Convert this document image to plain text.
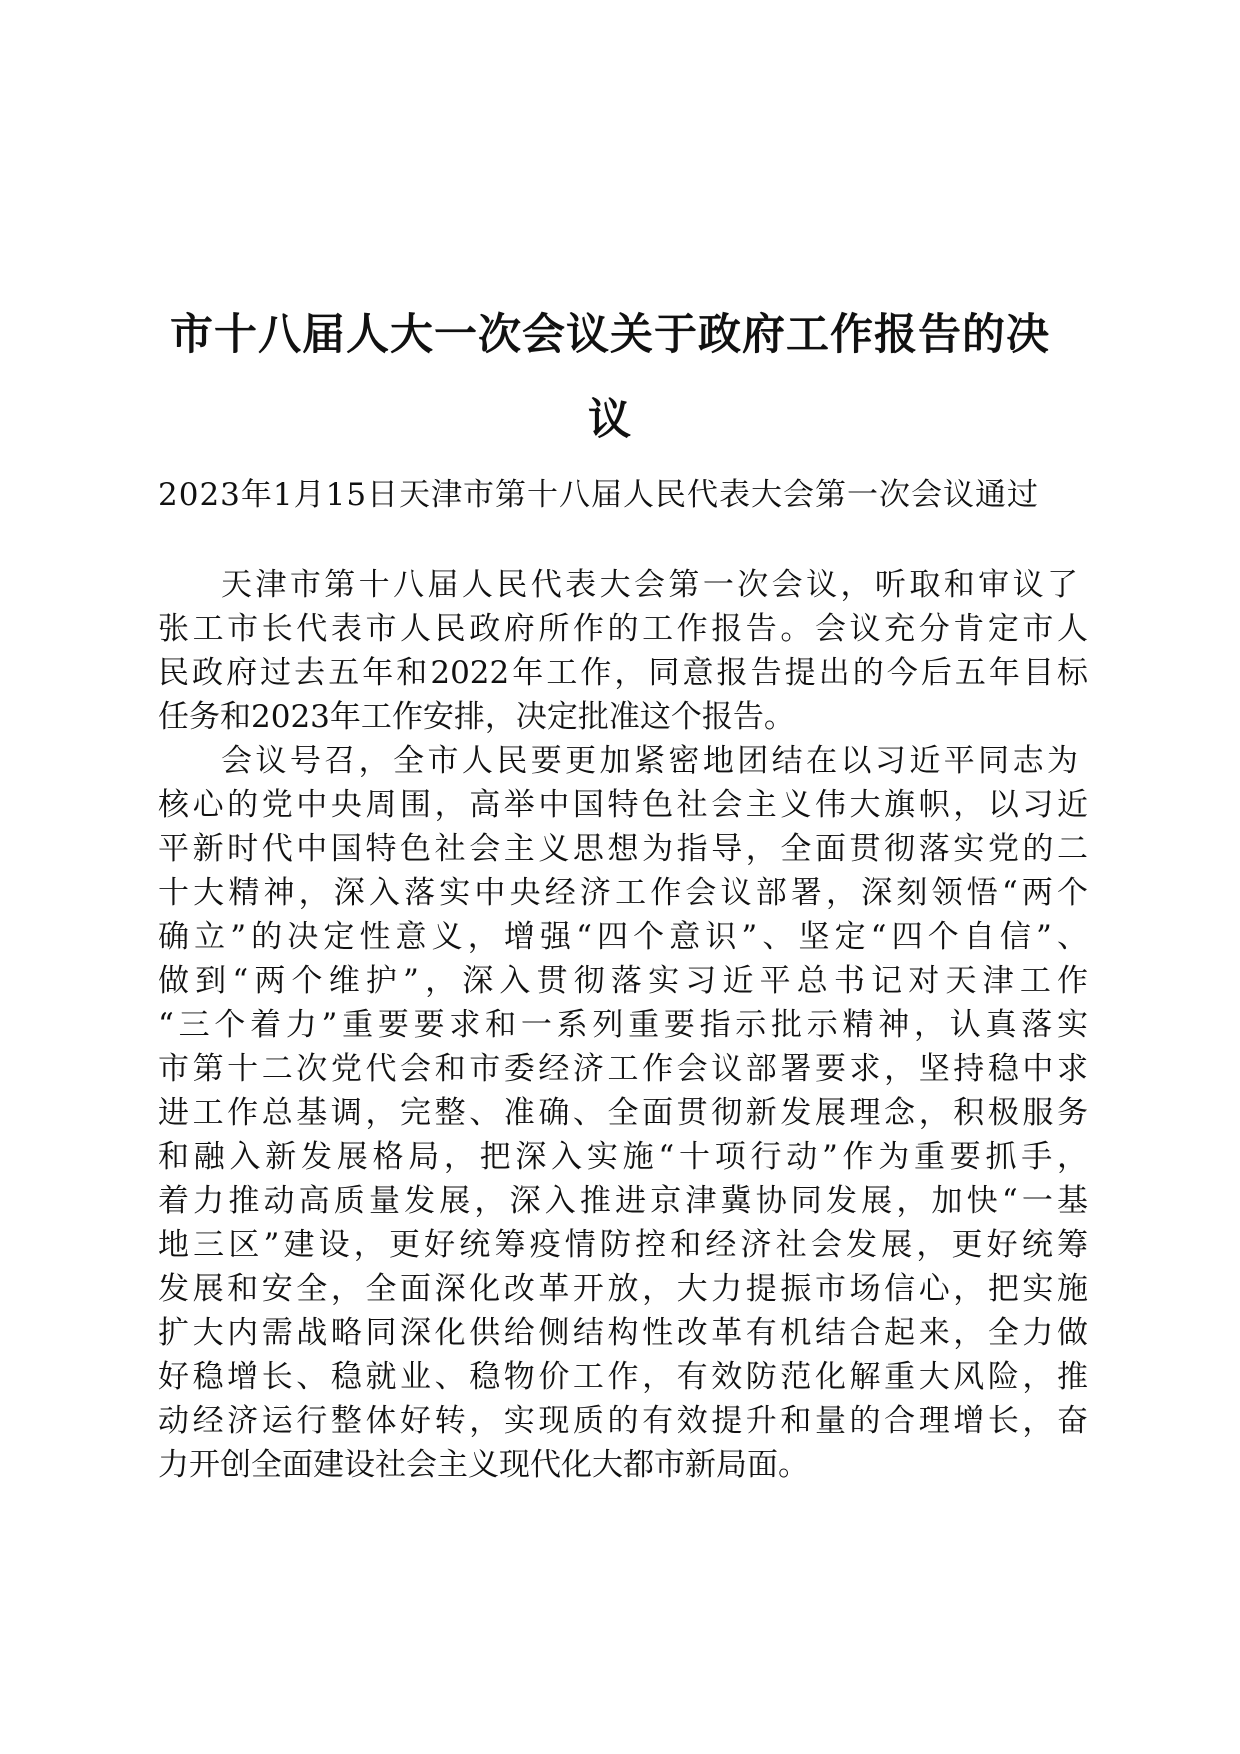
市十八届人大一次会议关于政府工作报告的决
议
2023年1月15日天津市第十八届人民代表大会第一次会议通过
天津市第十八届人民代表大会第一次会议，听取和审议了
张工市长代表市人民政府所作的工作报告。会议充分肯定市人
民政府过去五年和2022年工作，同意报告提出的今后五年目标
任务和2023年工作安排，决定批准这个报告。
会议号召，全市人民要更加紧密地团结在以习近平同志为
核心的党中央周围，高举中国特色社会主义伟大旗帜，以习近
平新时代中国特色社会主义思想为指导，全面贯彻落实党的二
十大精神，深入落实中央经济工作会议部署，深刻领悟“两个
确立”的决定性意义，增强“四个意识”、坚定“四个自信”、
做到“两个维护”，深入贯彻落实习近平总书记对天津工作
“三个着力”重要要求和一系列重要指示批示精神，认真落实
市第十二次党代会和市委经济工作会议部署要求，坚持稳中求
进工作总基调，完整、准确、全面贯彻新发展理念，积极服务
和融入新发展格局，把深入实施“十项行动”作为重要抓手，
着力推动高质量发展，深入推进京津冀协同发展，加快“一基
地三区”建设，更好统筹疫情防控和经济社会发展，更好统筹
发展和安全，全面深化改革开放，大力提振市场信心，把实施
扩大内需战略同深化供给侧结构性改革有机结合起来，全力做
好稳增长、稳就业、稳物价工作，有效防范化解重大风险，推
动经济运行整体好转，实现质的有效提升和量的合理增长，奋
力开创全面建设社会主义现代化大都市新局面。
